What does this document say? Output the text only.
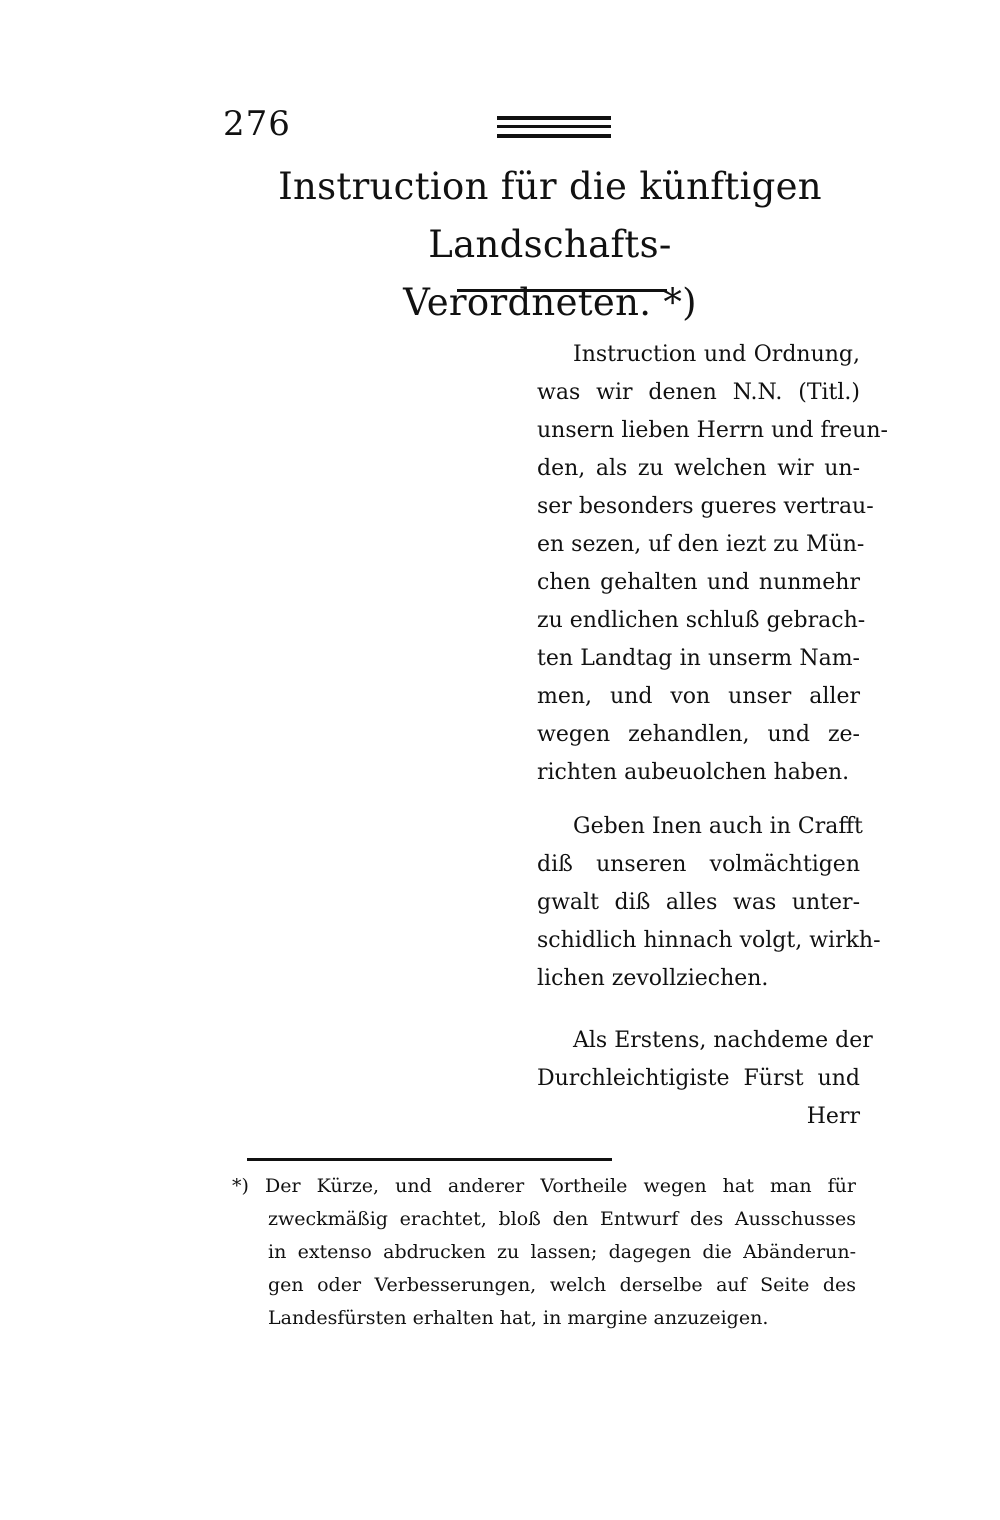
276
Instruction für die künftigen Landschafts-
Verordneten. *)
Instruction und Ordnung,
was wir denen N.N. (Titl.)
unsern lieben Herrn und freun-
den, als zu welchen wir un-
ser besonders gueres vertrau-
en sezen, uf den iezt zu Mün-
chen gehalten und nunmehr
zu endlichen schluß gebrach-
ten Landtag in unserm Nam-
men, und von unser aller
wegen zehandlen, und ze-
richten aubeuolchen haben.
Geben Inen auch in Crafft
diß unseren volmächtigen
gwalt diß alles was unter-
schidlich hinnach volgt, wirkh-
lichen zevollziechen.
Als Erstens, nachdeme der
Durchleichtigiste Fürst und
Herr
*) Der Kürze, und anderer Vortheile wegen hat man für
zweckmäßig erachtet, bloß den Entwurf des Ausschusses
in extenso abdrucken zu lassen; dagegen die Abänderun-
gen oder Verbesserungen, welch derselbe auf Seite des
Landesfürsten erhalten hat, in margine anzuzeigen.
